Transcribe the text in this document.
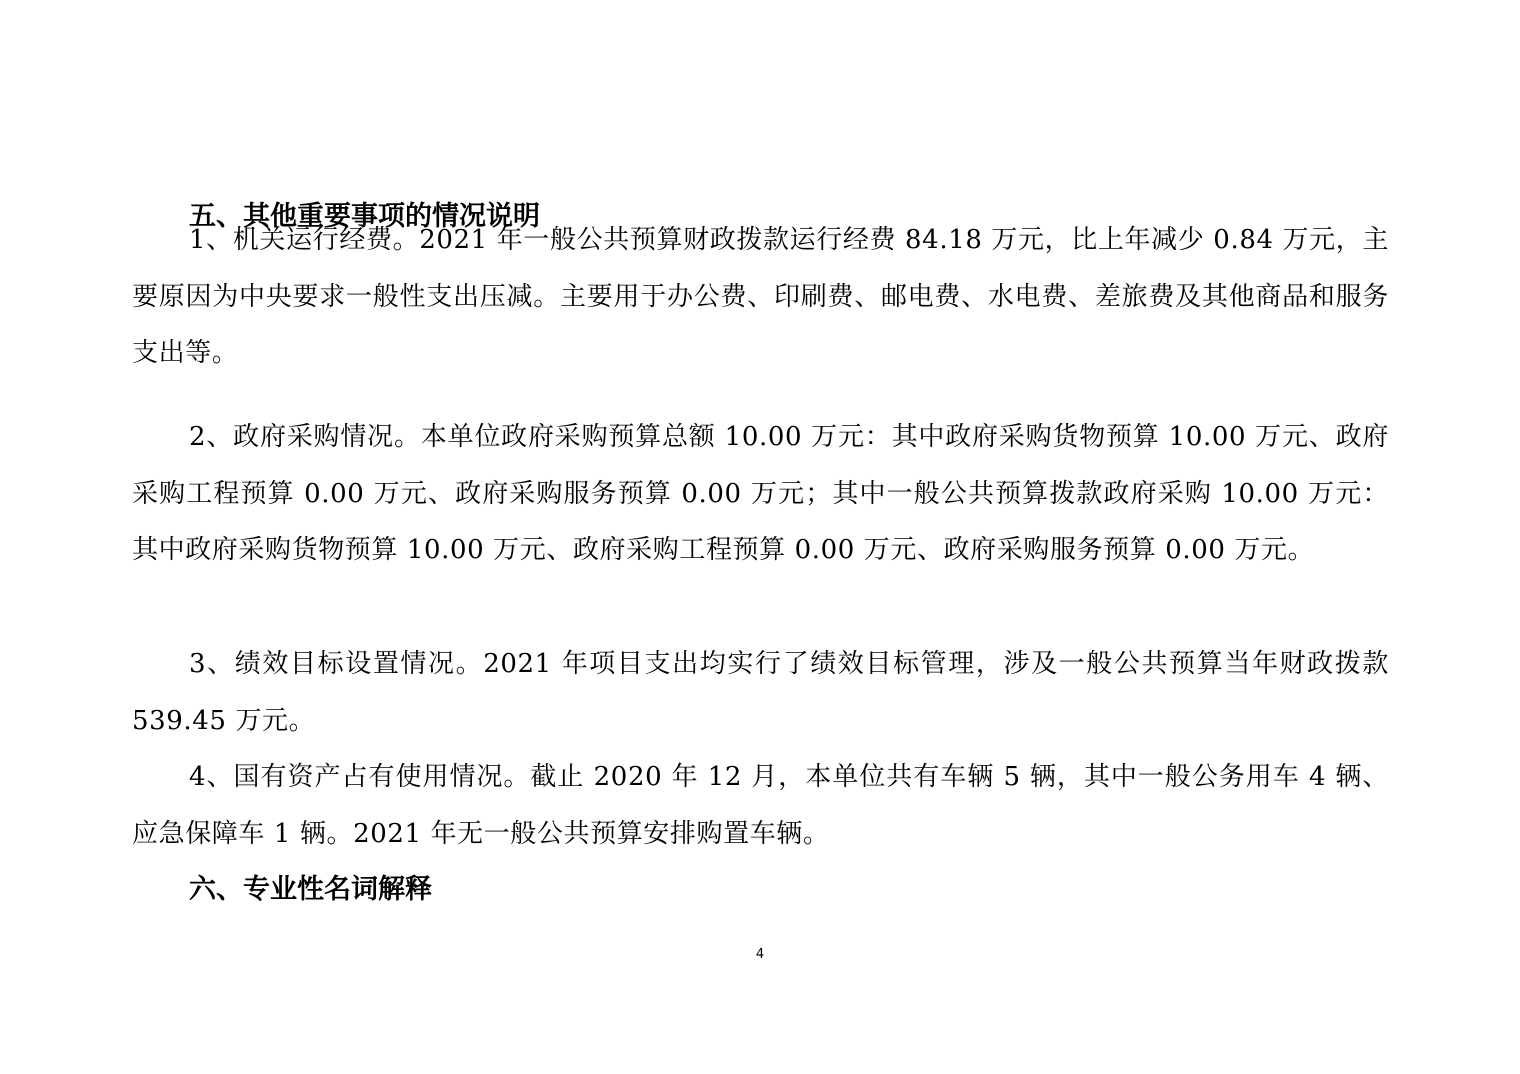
五、其他重要事项的情况说明

1、机关运行经费。2021 年一般公共预算财政拨款运行经费 84.18 万元，比上年减少 0.84 万元，主要原因为中央要求一般性支出压减。主要用于办公费、印刷费、邮电费、水电费、差旅费及其他商品和服务支出等。

2、政府采购情况。本单位政府采购预算总额 10.00 万元：其中政府采购货物预算 10.00 万元、政府采购工程预算 0.00 万元、政府采购服务预算 0.00 万元；其中一般公共预算拨款政府采购 10.00 万元：其中政府采购货物预算 10.00 万元、政府采购工程预算 0.00 万元、政府采购服务预算 0.00 万元。

3、绩效目标设置情况。2021 年项目支出均实行了绩效目标管理，涉及一般公共预算当年财政拨款 539.45 万元。

4、国有资产占有使用情况。截止 2020 年 12 月，本单位共有车辆 5 辆，其中一般公务用车 4 辆、应急保障车 1 辆。2021 年无一般公共预算安排购置车辆。

六、专业性名词解释
4
